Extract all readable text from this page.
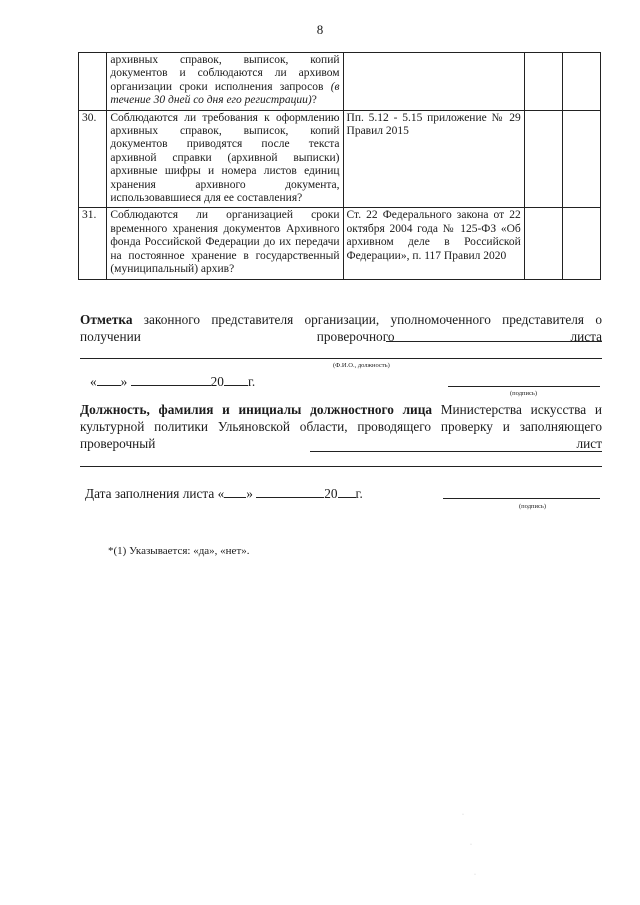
8
	архивных справок, выписок, копий документов и соблюдаются ли архивом организации сроки исполнения запросов (в течение 30 дней со дня его регистрации)?			
30.	Соблюдаются ли требования к оформлению архивных справок, выписок, копий документов приводятся после текста архивной справки (архивной выписки) архивные шифры и номера листов единиц хранения архивного документа, использовавшиеся для ее составления?	Пп. 5.12 - 5.15 приложение № 29 Правил 2015		
31.	Соблюдаются ли организацией сроки временного хранения документов Архивного фонда Российской Федерации до их передачи на постоянное хранение в государственный (муниципальный) архив?	Ст. 22 Федерального закона от 22 октября 2004 года № 125-ФЗ «Об архивном деле в Российской Федерации», п. 117 Правил 2020		
Отметка законного представителя организации, уполномоченного представителя о получении проверочного листа
(Ф.И.О., должность)
« »	20 г.
(подпись)
Должность, фамилия и инициалы должностного лица Министерства искусства и культурной политики Ульяновской области, проводящего проверку и заполняющего проверочный лист
Дата заполнения листа « »	20 г.
(подпись)
*(1) Указывается: «да», «нет».
·
·
·
